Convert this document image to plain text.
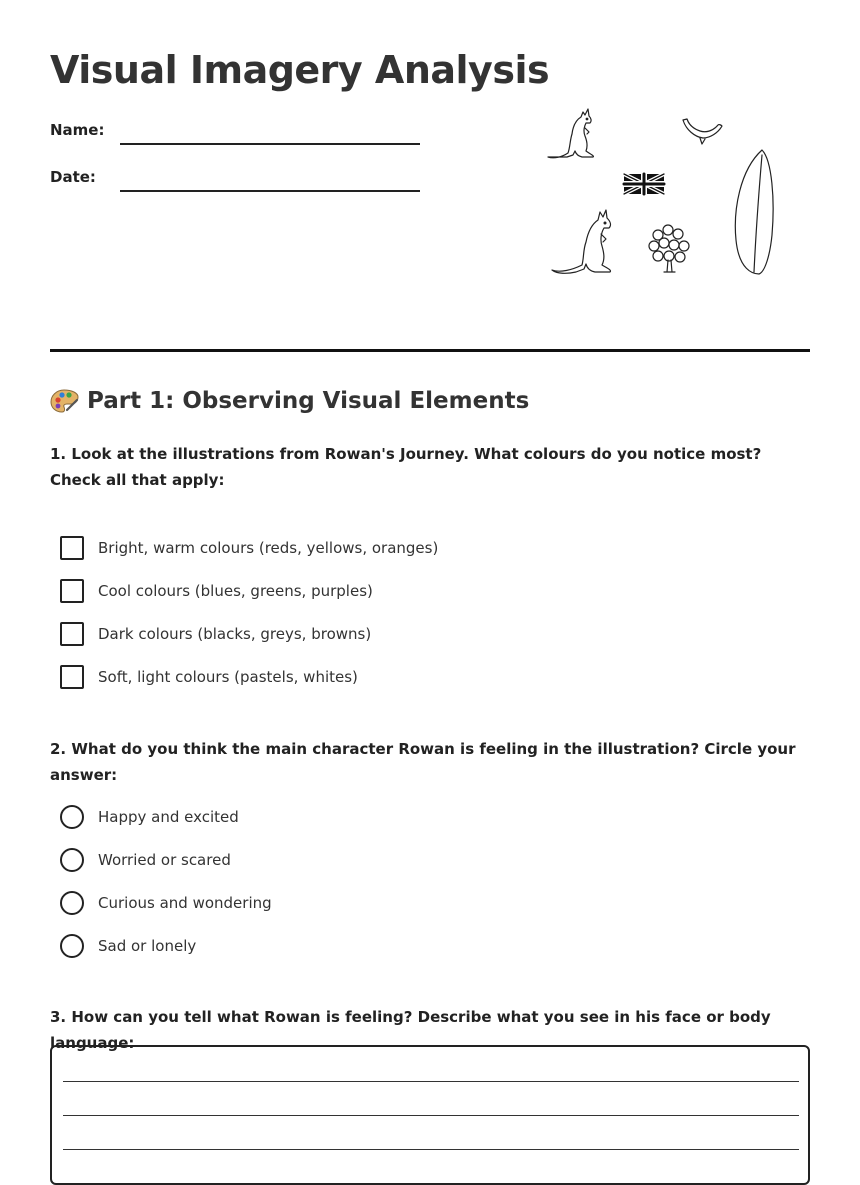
Visual Imagery Analysis
Name:
Date:
Part 1: Observing Visual Elements

1. Look at the illustrations from Rowan's Journey. What colours do you notice most? Check all that apply:

Bright, warm colours (reds, yellows, oranges)
Cool colours (blues, greens, purples)
Dark colours (blacks, greys, browns)
Soft, light colours (pastels, whites)

2. What do you think the main character Rowan is feeling in the illustration? Circle your answer:

Happy and excited
Worried or scared
Curious and wondering
Sad or lonely

3. How can you tell what Rowan is feeling? Describe what you see in his face or body language:
